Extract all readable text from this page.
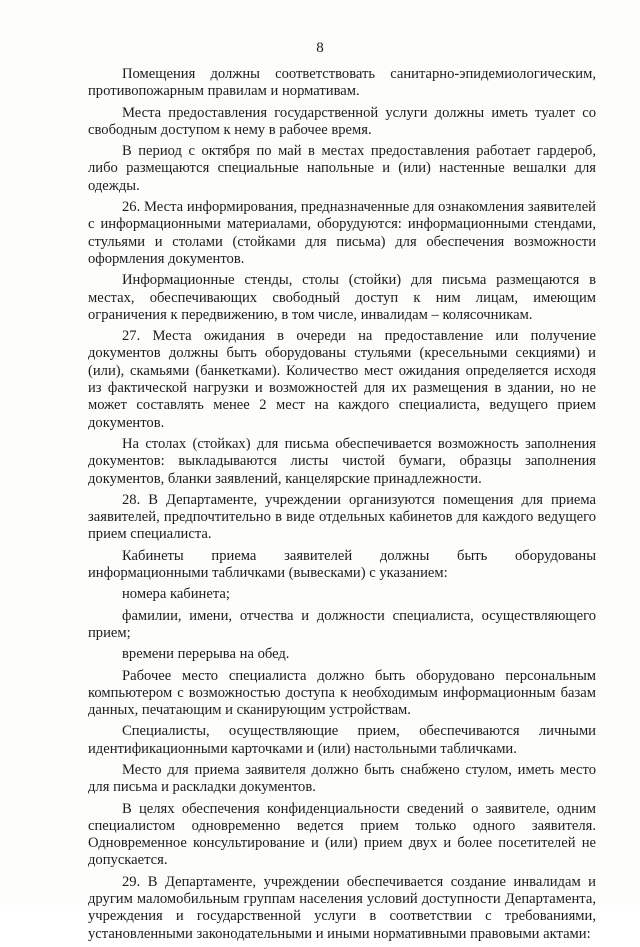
8

Помещения должны соответствовать санитарно-эпидемиологическим, противопожарным правилам и нормативам.

Места предоставления государственной услуги должны иметь туалет со свободным доступом к нему в рабочее время.

В период с октября по май в местах предоставления работает гардероб, либо размещаются специальные напольные и (или) настенные вешалки для одежды.

26. Места информирования, предназначенные для ознакомления заявителей с информационными материалами, оборудуются: информационными стендами, стульями и столами (стойками для письма) для обеспечения возможности оформления документов.

Информационные стенды, столы (стойки) для письма размещаются в местах, обеспечивающих свободный доступ к ним лицам, имеющим ограничения к передвижению, в том числе, инвалидам – колясочникам.

27. Места ожидания в очереди на предоставление или получение документов должны быть оборудованы стульями (кресельными секциями) и (или), скамьями (банкетками). Количество мест ожидания определяется исходя из фактической нагрузки и возможностей для их размещения в здании, но не может составлять менее 2 мест на каждого специалиста, ведущего прием документов.

На столах (стойках) для письма обеспечивается возможность заполнения документов: выкладываются листы чистой бумаги, образцы заполнения документов, бланки заявлений, канцелярские принадлежности.

28. В Департаменте, учреждении организуются помещения для приема заявителей, предпочтительно в виде отдельных кабинетов для каждого ведущего прием специалиста.

Кабинеты приема заявителей должны быть оборудованы информационными табличками (вывесками) с указанием:

номера кабинета;

фамилии, имени, отчества и должности специалиста, осуществляющего прием;

времени перерыва на обед.

Рабочее место специалиста должно быть оборудовано персональным компьютером с возможностью доступа к необходимым информационным базам данных, печатающим и сканирующим устройствам.

Специалисты, осуществляющие прием, обеспечиваются личными идентификационными карточками и (или) настольными табличками.

Место для приема заявителя должно быть снабжено стулом, иметь место для письма и раскладки документов.

В целях обеспечения конфиденциальности сведений о заявителе, одним специалистом одновременно ведется прием только одного заявителя. Одновременное консультирование и (или) прием двух и более посетителей не допускается.

29. В Департаменте, учреждении обеспечивается создание инвалидам и другим маломобильным группам населения условий доступности Департамента, учреждения и государственной услуги в соответствии с требованиями, установленными законодательными и иными нормативными правовыми актами:
